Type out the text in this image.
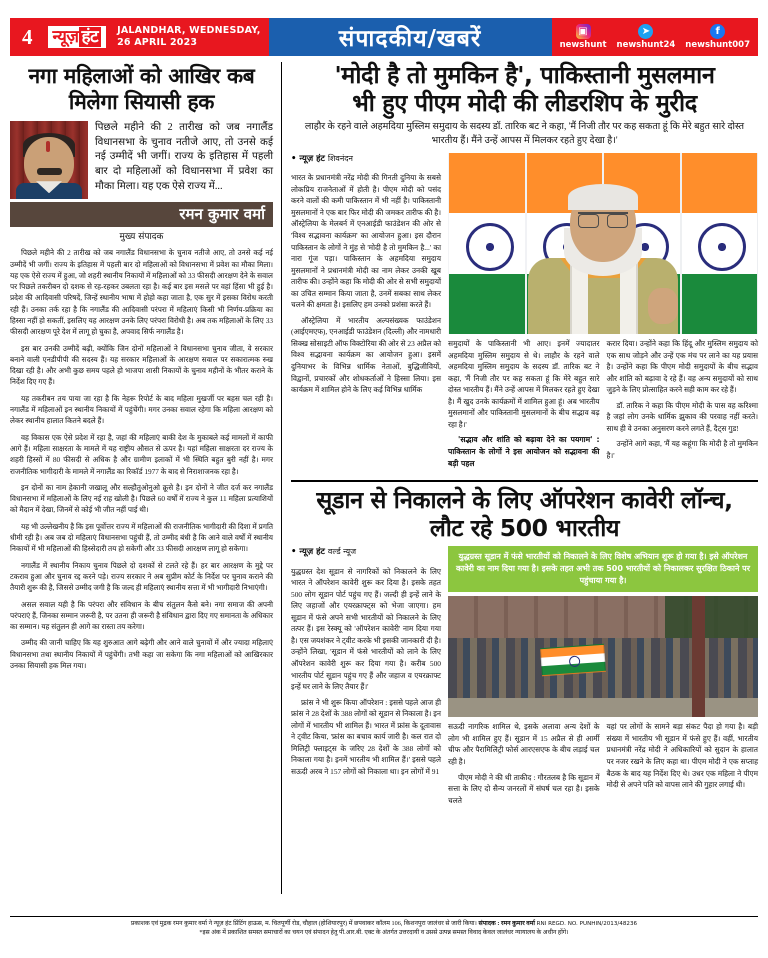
4	न्यूज़ हंट	JALANDHAR, WEDNESDAY,
26 APRIL 2023	संपादकीय/खबरें	▣
newshunt
➤
newshunt24
f
newshunt007
नगा महिलाओं को आखिर कब मिलेगा सियासी हक
पिछले महीने की 2 तारीख को जब नगालैंड विधानसभा के चुनाव नतीजे आए, तो उनसे कई नई उम्मीदें भी जगीं। राज्य के इतिहास में पहली बार दो महिलाओं को विधानसभा में प्रवेश का मौका मिला। यह एक ऐसे राज्य में...
रमन कुमार वर्मा
मुख्य संपादक

पिछले महीने की 2 तारीख को जब नगालैंड विधानसभा के चुनाव नतीजे आए, तो उनसे कई नई उम्मीदें भी जगीं। राज्य के इतिहास में पहली बार दो महिलाओं को विधानसभा में प्रवेश का मौका मिला। यह एक ऐसे राज्य में हुआ, जो शहरी स्थानीय निकायों में महिलाओं को 33 फीसदी आरक्षण देने के सवाल पर पिछले तकरीबन दो दशक से रह-रहकर उबलता रहा है। कई बार इस मसले पर वहां हिंसा भी हुई है। प्रदेश की आदिवासी परिषदें, जिन्हें स्थानीय भाषा में होहो कहा जाता है, एक सुर में इसका विरोध करती रही हैं। उनका तर्क रहा है कि नगालैंड की आदिवासी परंपरा में महिलाएं किसी भी निर्णय-प्रक्रिया का हिस्सा नहीं हो सकतीं, इसलिए यह आरक्षण उनके लिए परंपरा विरोधी है। अब तक महिलाओं के लिए 33 फीसदी आरक्षण पूरे देश में लागू हो चुका है, अपवाद सिर्फ नगालैंड है।

इस बार उनकी उम्मीदें बढ़ी, क्योंकि जिन दोनों महिलाओं ने विधानसभा चुनाव जीता, वे सरकार बनाने वाली एनडीपीपी की सदस्य हैं। यह सरकार महिलाओं के आरक्षण सवाल पर सकारात्मक रुख दिखा रही है। और अभी कुछ समय पहले हो भाजपा शासी निकायों के चुनाव महीनों के भीतर कराने के निर्देश दिए गए हैं।

यह तकरीबन तय पाया जा रहा है कि नेहरू रिपोर्ट के बाद महिला मुखर्जी पर बहस चल रही है। नगालैंड में महिलाओं इन स्थानीय निकायों में पहुंचेंगी। मगर उनका सवाल रहेगा कि महिला आरक्षण को लेकर स्थानीय हालात कितने बदले हैं।

वह विकास एक ऐसे प्रदेश में रहा है, जहां की महिलाएं बाकी देश के मुकाबले कई मामलों में काफी आगे हैं। महिला साक्षरता के मामले में यह राष्ट्रीय औसत से ऊपर है। यहां महिला साक्षरता दर राज्य के शहरी हिस्सों में 80 फीसदी से अधिक है और ग्रामीण इलाकों में भी स्थिति बहुत बुरी नहीं है। मगर राजनीतिक भागीदारी के मामले में नगालैंड का रिकॉर्ड 1977 के बाद से निराशाजनक रहा है।

इन दोनों का नाम हेकानी जखालू और सल्हौतुओनुओ क्रूसे है। इन दोनों ने जीत दर्ज कर नगालैंड विधानसभा में महिलाओं के लिए नई राह खोली है। पिछले 60 वर्षों में राज्य ने कुल 11 महिला प्रत्याशियों को मैदान में देखा, जिनमें से कोई भी जीत नहीं पाई थी।

यह भी उल्लेखनीय है कि इस पूर्वोत्तर राज्य में महिलाओं की राजनीतिक भागीदारी की दिशा में प्रगति धीमी रही है। अब जब दो महिलाएं विधानसभा पहुंची हैं, तो उम्मीद बंधी है कि आने वाले वर्षों में स्थानीय निकायों में भी महिलाओं की हिस्सेदारी तय हो सकेगी और 33 फीसदी आरक्षण लागू हो सकेगा।

नगालैंड में स्थानीय निकाय चुनाव पिछले दो दशकों से टलते रहे हैं। हर बार आरक्षण के मुद्दे पर टकराव हुआ और चुनाव रद्द करने पड़े। राज्य सरकार ने अब सुप्रीम कोर्ट के निर्देश पर चुनाव कराने की तैयारी शुरू की है, जिससे उम्मीद जगी है कि जल्द ही महिलाएं स्थानीय सत्ता में भी भागीदारी निभाएंगी।

असल सवाल यही है कि परंपरा और संविधान के बीच संतुलन कैसे बने। नगा समाज की अपनी परंपराएं हैं, जिनका सम्मान जरूरी है, पर उतना ही जरूरी है संविधान द्वारा दिए गए समानता के अधिकार का सम्मान। यह संतुलन ही आगे का रास्ता तय करेगा।

उम्मीद की जानी चाहिए कि यह शुरुआत आगे बढ़ेगी और आने वाले चुनावों में और ज्यादा महिलाएं विधानसभा तथा स्थानीय निकायों में पहुंचेंगी। तभी कहा जा सकेगा कि नगा महिलाओं को आखिरकार उनका सियासी हक मिल गया।

'मोदी है तो मुमकिन है', पाकिस्तानी मुसलमान
भी हुए पीएम मोदी की लीडरशिप के मुरीद
लाहौर के रहने वाले अहमदिया मुस्लिम समुदाय के सदस्य डॉ. तारिक बट ने कहा, 'मैं निजी तौर पर कह सकता हूं कि मेरे बहुत सारे दोस्त भारतीय हैं। मैंने उन्हें आपस में मिलकर रहते हुए देखा है।'
• न्यूज़ हंट शिवनंदन

भारत के प्रधानमंत्री नरेंद्र मोदी की गिनती दुनिया के सबसे लोकप्रिय राजनेताओं में होती है। पीएम मोदी को पसंद करने वालों की कमी पाकिस्तान में भी नहीं है। पाकिस्तानी मुसलमानों ने एक बार फिर मोदी की जमकर तारीफ की है। ऑस्ट्रेलिया के मेलबर्न में एनआईडी फाउंडेशन की ओर से 'विश्व सद्भावना कार्यक्रम' का आयोजन हुआ। इस दौरान पाकिस्तान के लोगों ने मुंह से 'मोदी है तो मुमकिन है...' का नारा गूंज पड़ा। पाकिस्तान के अहमदिया समुदाय मुसलमानों ने प्रधानमंत्री मोदी का नाम लेकर उनकी खूब तारीफ की। उन्होंने कहा कि मोदी की ओर से सभी समुदायों का उचित सम्मान किया जाता है, उनमें सबका साथ लेकर चलने की क्षमता है। इसलिए हम उनको प्रशंसा करते हैं।

ऑस्ट्रेलिया में भारतीय अल्पसंख्यक फाउंडेशन (आईएमएफ), एनआईडी फाउंडेशन (दिल्ली) और नामधारी सिक्ख सोसाइटी ऑफ विक्टोरिया की ओर से 23 अप्रैल को विश्व सद्भावना कार्यक्रम का आयोजन हुआ। इसमें दुनियाभर के विभिन्न धार्मिक नेताओं, बुद्धिजीवियों, विद्वानों, प्रचारकों और शोधकर्ताओं ने हिस्सा लिया। इस कार्यक्रम में शामिल होने के लिए कई विभिन्न धार्मिक

समुदायों के पाकिस्तानी भी आए। इनमें ज्यादातर अहमदिया मुस्लिम समुदाय से थे। लाहौर के रहने वाले अहमदिया मुस्लिम समुदाय के सदस्य डॉ. तारिक बट ने कहा, 'मैं निजी तौर पर कह सकता हूं कि मेरे बहुत सारे दोस्त भारतीय हैं। मैंने उन्हें आपस में मिलकर रहते हुए देखा है। मैं खुद उनके कार्यक्रमों में शामिल हुआ हूं। अब भारतीय मुसलमानों और पाकिस्तानी मुसलमानों के बीच सद्भाव बढ़ रहा है।'

'सद्भाव और शांति को बढ़ावा देने का पयगाम' : पाकिस्तान के लोगों ने इस आयोजन को सद्भावना की बड़ी पहल

करार दिया। उन्होंने कहा कि हिंदू और मुस्लिम समुदाय को एक साथ जोड़ने और उन्हें एक मंच पर लाने का यह प्रयास है। उन्होंने कहा कि पीएम मोदी समुदायों के बीच सद्भाव और शांति को बढ़ावा दे रहे हैं। वह अन्य समुदायों को साथ जुड़ने के लिए प्रोत्साहित करने सही काम कर रहे हैं।

डॉ. तारिक ने कहा कि पीएम मोदी के पास वह करिश्मा है जहां लोग उनके धार्मिक झुकाव की परवाह नहीं करते। साथ ही वे उनका अनुसरण करने लगते हैं, दैट्स गुड!

उन्होंने आगे कहा, 'मैं यह कहूंगा कि मोदी है तो मुमकिन है।'

सूडान से निकालने के लिए ऑपरेशन कावेरी लॉन्च,
लौट रहे 500 भारतीय
• न्यूज़ हंट वर्ल्ड न्यूज

युद्धग्रस्त देश सूडान से नागरिकों को निकालने के लिए भारत ने ऑपरेशन कावेरी शुरू कर दिया है। इसके तहत 500 लोग सूडान पोर्ट पहुंच गए हैं। जल्दी ही इन्हें लाने के लिए जहाजों और एयरक्राफ्ट्स को भेजा जाएगा। हम सूडान में फंसे अपने सभी भारतीयों को निकालने के लिए तत्पर हैं। इस रेस्क्यू को 'ऑपरेशन कावेरी' नाम दिया गया है। एस जयशंकर ने ट्वीट करके भी इसकी जानकारी दी है। उन्होंने लिखा, 'सूडान में फंसे भारतीयों को लाने के लिए ऑपरेशन कावेरी शुरू कर दिया गया है। करीब 500 भारतीय पोर्ट सूडान पहुंच गए हैं और जहाज व एयरक्राफ्ट इन्हें घर लाने के लिए तैयार हैं।'

फ्रांस ने भी शुरू किया ऑपरेशन : इससे पहले आज ही फ्रांस ने 28 देशों के 388 लोगों को सूडान से निकाला है। इन लोगों में भारतीय भी शामिल हैं। भारत में फ्रांस के दूतावास ने ट्वीट किया, 'फ्रांस का बचाव कार्य जारी है। कल रात दो मिलिट्री फ्लाइट्स के जरिए 28 देशों के 388 लोगों को निकाला गया है। इनमें भारतीय भी शामिल हैं।' इससे पहले सऊदी अरब ने 157 लोगों को निकाला था। इन लोगों में 91

युद्धग्रस्त सूडान में फंसे भारतीयों को निकालने के लिए विशेष अभियान शुरू हो गया है। इसे ऑपरेशन कावेरी का नाम दिया गया है। इसके तहत अभी तक 500 भारतीयों को निकालकर सुरक्षित ठिकाने पर पहुंचाया गया है।

सऊदी नागरिक शामिल थे, इसके अलावा अन्य देशों के लोग भी शामिल हुए हैं। सूडान में 15 अप्रैल से ही आर्मी चीफ और पैरामिलिट्री फोर्स आरएसएफ के बीच लड़ाई चल रही है।

पीएम मोदी ने की थी ताकीद : गौरतलब है कि सूडान में सत्ता के लिए दो सैन्य जनरलों में संघर्ष चल रहा है। इसके चलते

यहां पर लोगों के सामने बड़ा संकट पैदा हो गया है। बड़ी संख्या में भारतीय भी सूडान में फंसे हुए हैं। वहीं, भारतीय प्रधानमंत्री नरेंद्र मोदी ने अधिकारियों को सुदान के हालात पर नजर रखने के लिए कहा था। पीएम मोदी ने एक सप्ताह बैठक के बाद यह निर्देश दिए थे। उधर एक महिला ने पीएम मोदी से अपने पति को वापस लाने की गुहार लगाई थी।

प्रकाशक एवं मुद्रक रमन कुमार वर्मा ने न्यूज़ हंट प्रिंटिंग हाऊस, म. चितपूर्णी रोड, चौहाल (होशियारपुर) में छपवाकर कॉलम 106, किशनपुरा जालंधर से जारी किया। संपादक : रमन कुमार वर्मा RNI REGD. NO. PUNHIN/2013/48236
*इस अंक में प्रकाशित समस्त समाचारों का चयन एवं संपादन हेतु पी.आर.बी. एक्ट के अंतर्गत उत्तरदायी व उससे उत्पन्न समस्त विवाद केवल जालंधर न्यायालय के अधीन होंगे।
